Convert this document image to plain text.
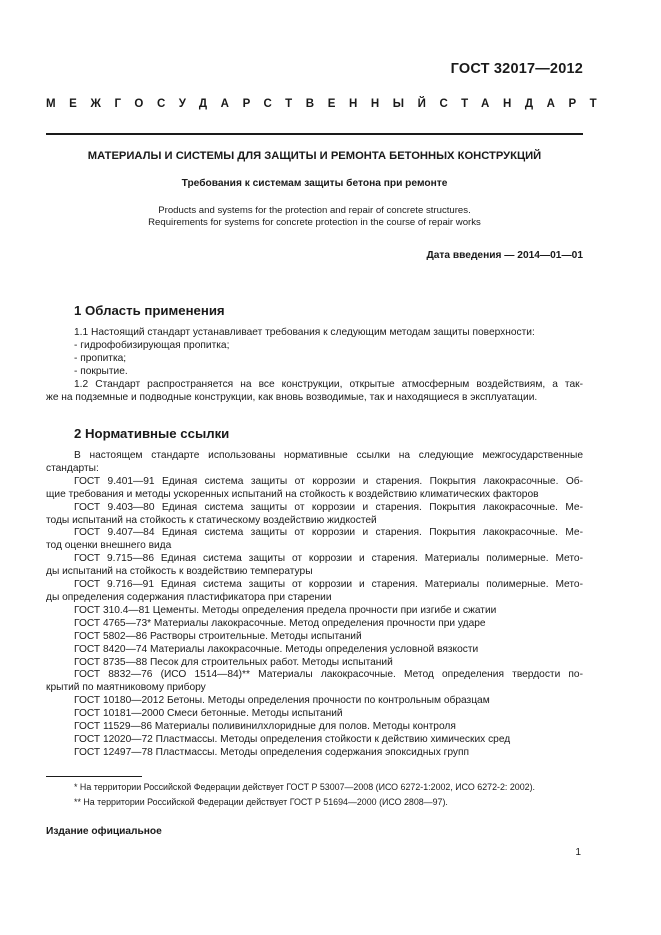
ГОСТ 32017—2012
МЕЖГОСУДАРСТВЕННЫЙ СТАНДАРТ
МАТЕРИАЛЫ И СИСТЕМЫ ДЛЯ ЗАЩИТЫ И РЕМОНТА БЕТОННЫХ КОНСТРУКЦИЙ
Требования к системам защиты бетона при ремонте
Products and systems for the protection and repair of concrete structures.
Requirements for systems for concrete protection in the course of repair works
Дата введения — 2014—01—01
1 Область применения

1.1 Настоящий стандарт устанавливает требования к следующим методам защиты поверхности:

- гидрофобизирующая пропитка;

- пропитка;

- покрытие.

1.2 Стандарт распространяется на все конструкции, открытые атмосферным воздействиям, а так-

же на подземные и подводные конструкции, как вновь возводимые, так и находящиеся в эксплуатации.

2 Нормативные ссылки

В настоящем стандарте использованы нормативные ссылки на следующие межгосударственные

стандарты:

ГОСТ 9.401—91 Единая система защиты от коррозии и старения. Покрытия лакокрасочные. Об-

щие требования и методы ускоренных испытаний на стойкость к воздействию климатических факторов

ГОСТ 9.403—80 Единая система защиты от коррозии и старения. Покрытия лакокрасочные. Ме-

тоды испытаний на стойкость к статическому воздействию жидкостей

ГОСТ 9.407—84 Единая система защиты от коррозии и старения. Покрытия лакокрасочные. Ме-

тод оценки внешнего вида

ГОСТ 9.715—86 Единая система защиты от коррозии и старения. Материалы полимерные. Мето-

ды испытаний на стойкость к воздействию температуры

ГОСТ 9.716—91 Единая система защиты от коррозии и старения. Материалы полимерные. Мето-

ды определения содержания пластификатора при старении

ГОСТ 310.4—81 Цементы. Методы определения предела прочности при изгибе и сжатии

ГОСТ 4765—73* Материалы лакокрасочные. Метод определения прочности при ударе

ГОСТ 5802—86 Растворы строительные. Методы испытаний

ГОСТ 8420—74 Материалы лакокрасочные. Методы определения условной вязкости

ГОСТ 8735—88 Песок для строительных работ. Методы испытаний

ГОСТ 8832—76 (ИСО 1514—84)** Материалы лакокрасочные. Метод определения твердости по-

крытий по маятниковому прибору

ГОСТ 10180—2012 Бетоны. Методы определения прочности по контрольным образцам

ГОСТ 10181—2000 Смеси бетонные. Методы испытаний

ГОСТ 11529—86 Материалы поливинилхлоридные для полов. Методы контроля

ГОСТ 12020—72 Пластмассы. Методы определения стойкости к действию химических сред

ГОСТ 12497—78 Пластмассы. Методы определения содержания эпоксидных групп

* На территории Российской Федерации действует ГОСТ Р 53007—2008 (ИСО 6272-1:2002, ИСО 6272-2: 2002).

** На территории Российской Федерации действует ГОСТ Р 51694—2000 (ИСО 2808—97).

Издание официальное
1
